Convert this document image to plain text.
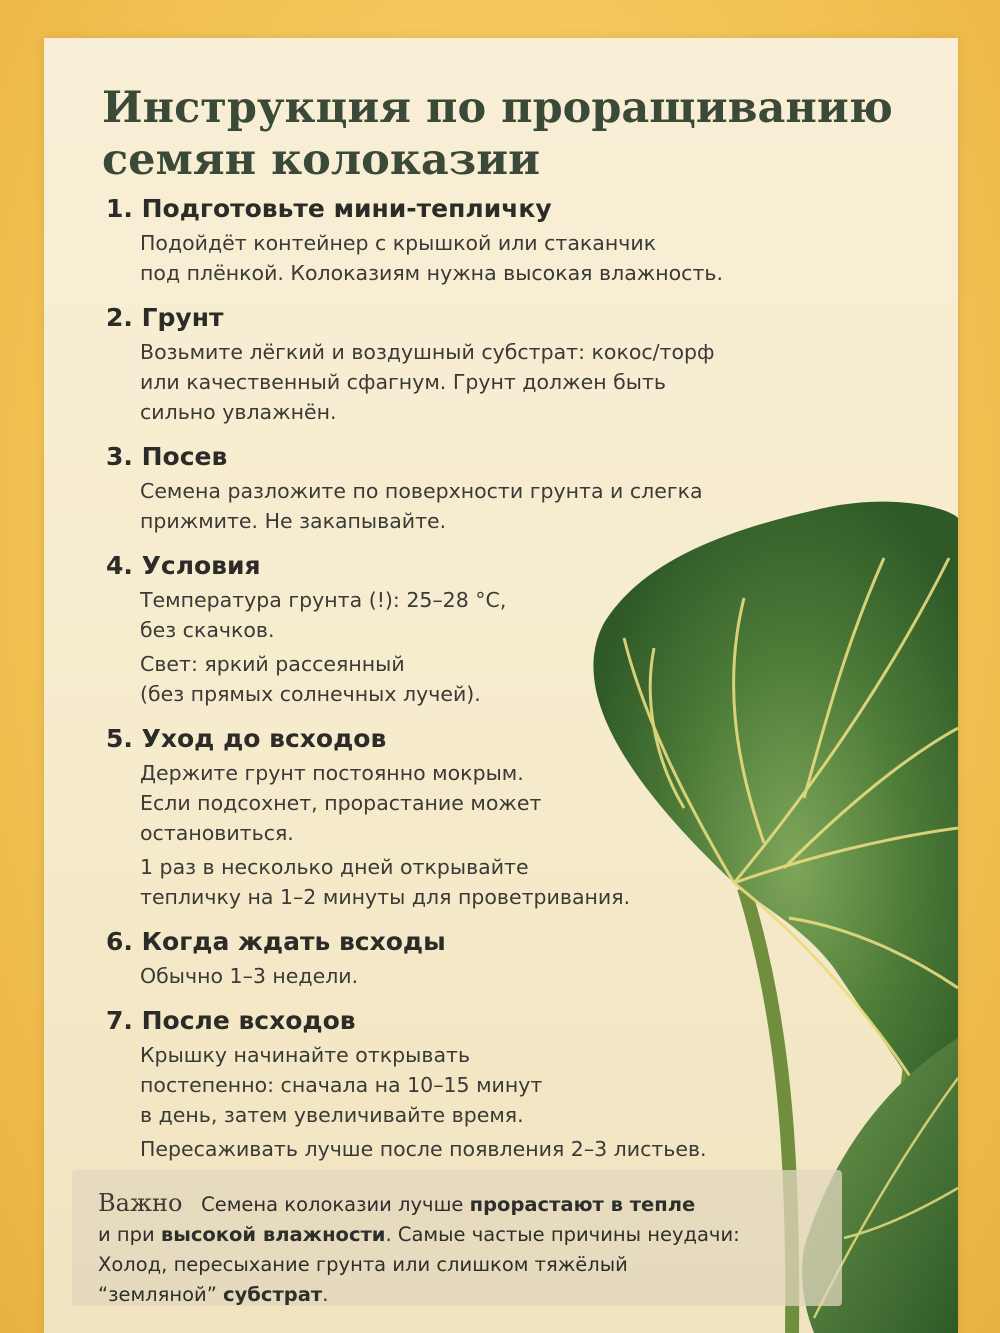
Инструкция по проращиванию
семян колоказии
1. Подготовьте мини-тепличку

Подойдёт контейнер с крышкой или стаканчик
под плёнкой. Колоказиям нужна высокая влажность.

2. Грунт

Возьмите лёгкий и воздушный субстрат: кокос/торф
или качественный сфагнум. Грунт должен быть
сильно увлажнён.

3. Посев

Семена разложите по поверхности грунта и слегка
прижмите. Не закапывайте.

4. Условия

Температура грунта (!): 25–28 °C,
без скачков.

Свет: яркий рассеянный
(без прямых солнечных лучей).

5. Уход до всходов

Держите грунт постоянно мокрым.
Если подсохнет, прорастание может
остановиться.

1 раз в несколько дней открывайте
тепличку на 1–2 минуты для проветривания.

6. Когда ждать всходы

Обычно 1–3 недели.

7. После всходов

Крышку начинайте открывать
постепенно: сначала на 10–15 минут
в день, затем увеличивайте время.

Пересаживать лучше после появления 2–3 листьев.

Важно Семена колоказии лучше прорастают в тепле
и при высокой влажности. Самые частые причины неудачи:
Холод, пересыхание грунта или слишком тяжёлый
“земляной” субстрат.
